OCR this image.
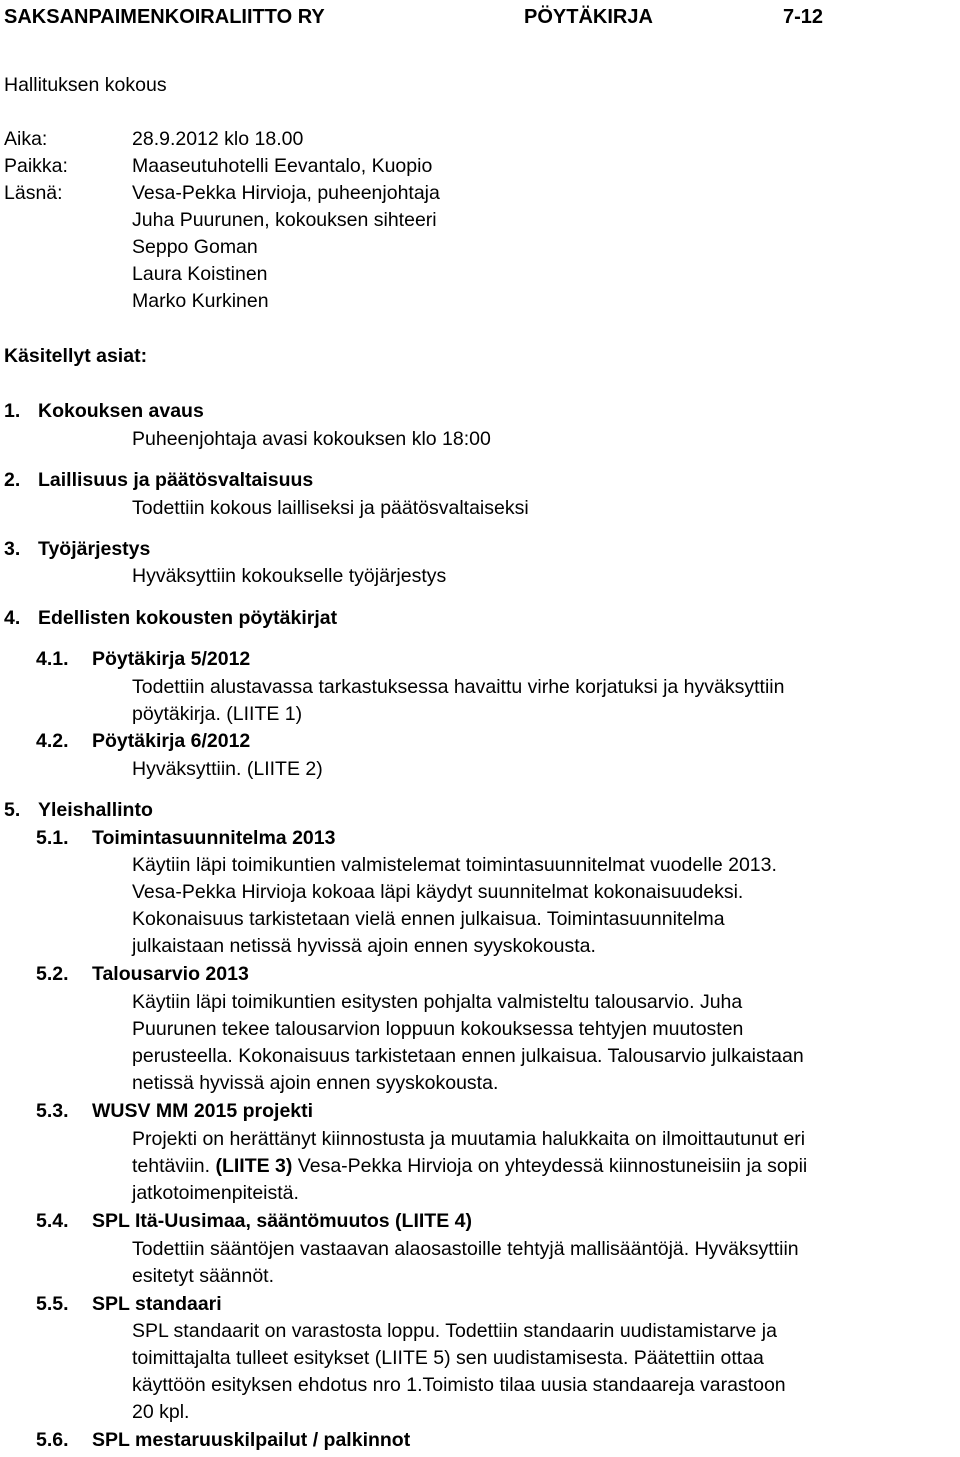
SAKSANPAIMENKOIRALIITTO RY	PÖYTÄKIRJA	7-12
Hallituksen kokous
Aika:	28.9.2012 klo 18.00
Paikka:	Maaseutuhotelli Eevantalo, Kuopio
Läsnä:	Vesa-Pekka Hirvioja, puheenjohtaja
Juha Puurunen, kokouksen sihteeri
Seppo Goman
Laura Koistinen
Marko Kurkinen
Käsitellyt asiat:
1. Kokouksen avaus
Puheenjohtaja avasi kokouksen klo 18:00
2. Laillisuus ja päätösvaltaisuus
Todettiin kokous lailliseksi ja päätösvaltaiseksi
3. Työjärjestys
Hyväksyttiin kokoukselle työjärjestys
4. Edellisten kokousten pöytäkirjat
4.1. Pöytäkirja 5/2012
Todettiin alustavassa tarkastuksessa havaittu virhe korjatuksi ja hyväksyttiin
pöytäkirja. (LIITE 1)
4.2. Pöytäkirja 6/2012
Hyväksyttiin. (LIITE 2)
5. Yleishallinto
5.1. Toimintasuunnitelma 2013
Käytiin läpi toimikuntien valmistelemat toimintasuunnitelmat vuodelle 2013.
Vesa-Pekka Hirvioja kokoaa läpi käydyt suunnitelmat kokonaisuudeksi.
Kokonaisuus tarkistetaan vielä ennen julkaisua. Toimintasuunnitelma
julkaistaan netissä hyvissä ajoin ennen syyskokousta.
5.2. Talousarvio 2013
Käytiin läpi toimikuntien esitysten pohjalta valmisteltu talousarvio. Juha
Puurunen tekee talousarvion loppuun kokouksessa tehtyjen muutosten
perusteella. Kokonaisuus tarkistetaan ennen julkaisua. Talousarvio julkaistaan
netissä hyvissä ajoin ennen syyskokousta.
5.3. WUSV MM 2015 projekti
Projekti on herättänyt kiinnostusta ja muutamia halukkaita on ilmoittautunut eri
tehtäviin. (LIITE 3) Vesa-Pekka Hirvioja on yhteydessä kiinnostuneisiin ja sopii
jatkotoimenpiteistä.
5.4. SPL Itä-Uusimaa, sääntömuutos (LIITE 4)
Todettiin sääntöjen vastaavan alaosastoille tehtyjä mallisääntöjä. Hyväksyttiin
esitetyt säännöt.
5.5. SPL standaari
SPL standaarit on varastosta loppu. Todettiin standaarin uudistamistarve ja
toimittajalta tulleet esitykset (LIITE 5) sen uudistamisesta. Päätettiin ottaa
käyttöön esityksen ehdotus nro 1.Toimisto tilaa uusia standaareja varastoon
20 kpl.
5.6. SPL mestaruuskilpailut / palkinnot
